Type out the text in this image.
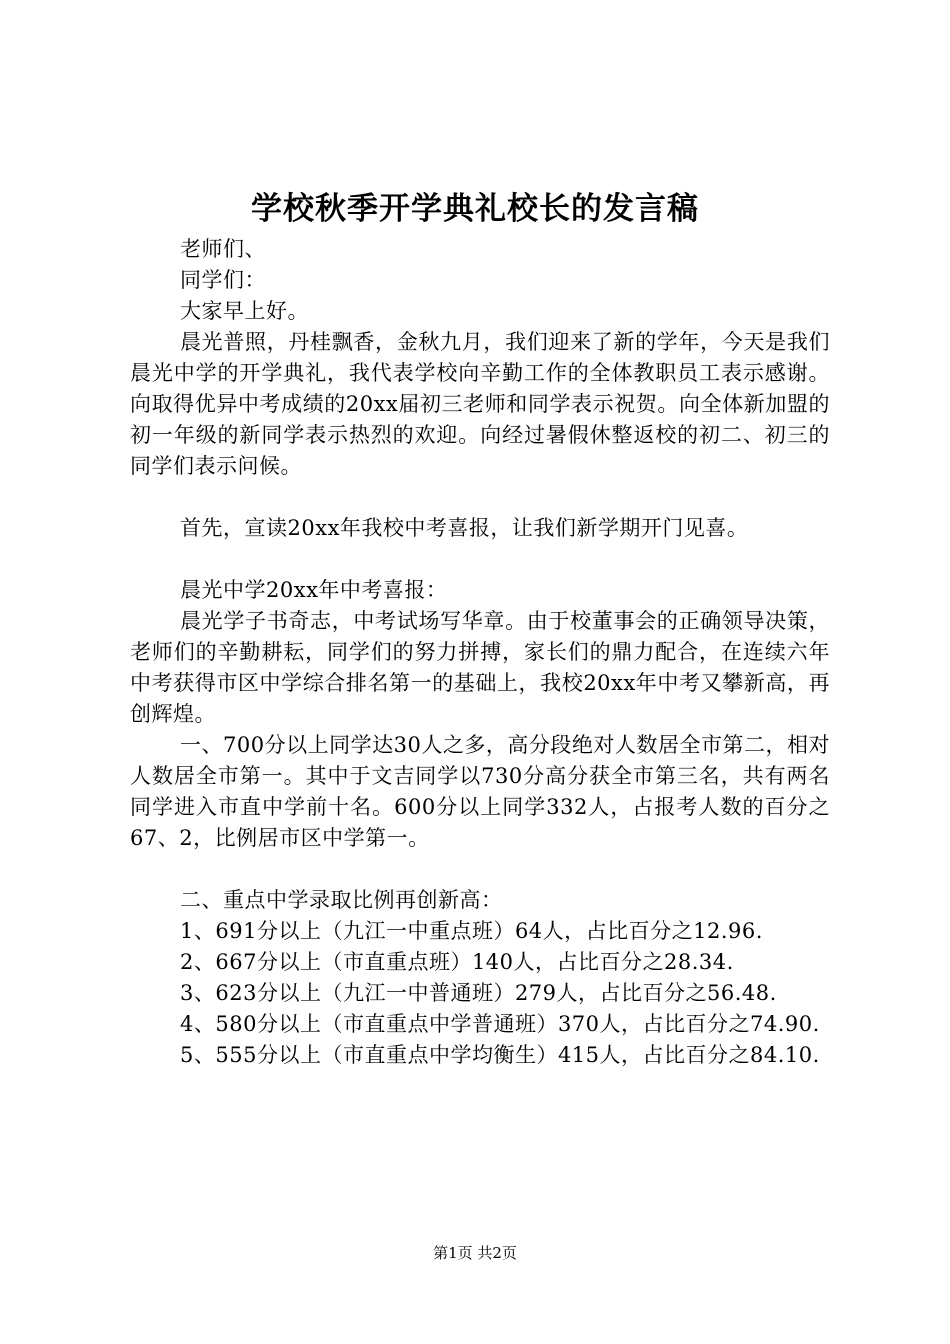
学校秋季开学典礼校长的发言稿

老师们、

同学们：

大家早上好。

晨光普照，丹桂飘香，金秋九月，我们迎来了新的学年，今天是我们晨光中学的开学典礼，我代表学校向辛勤工作的全体教职员工表示感谢。向取得优异中考成绩的20xx届初三老师和同学表示祝贺。向全体新加盟的初一年级的新同学表示热烈的欢迎。向经过暑假休整返校的初二、初三的同学们表示问候。

首先，宣读20xx年我校中考喜报，让我们新学期开门见喜。

晨光中学20xx年中考喜报：

晨光学子书奇志，中考试场写华章。由于校董事会的正确领导决策，老师们的辛勤耕耘，同学们的努力拼搏，家长们的鼎力配合，在连续六年中考获得市区中学综合排名第一的基础上，我校20xx年中考又攀新高，再创辉煌。

一、700分以上同学达30人之多，高分段绝对人数居全市第二，相对人数居全市第一。其中于文吉同学以730分高分获全市第三名，共有两名同学进入市直中学前十名。600分以上同学332人，占报考人数的百分之67、2，比例居市区中学第一。

二、重点中学录取比例再创新高：

1、691分以上（九江一中重点班）64人，占比百分之12.96.

2、667分以上（市直重点班）140人，占比百分之28.34.

3、623分以上（九江一中普通班）279人，占比百分之56.48.

4、580分以上（市直重点中学普通班）370人，占比百分之74.90.

5、555分以上（市直重点中学均衡生）415人，占比百分之84.10.

第1页 共2页
